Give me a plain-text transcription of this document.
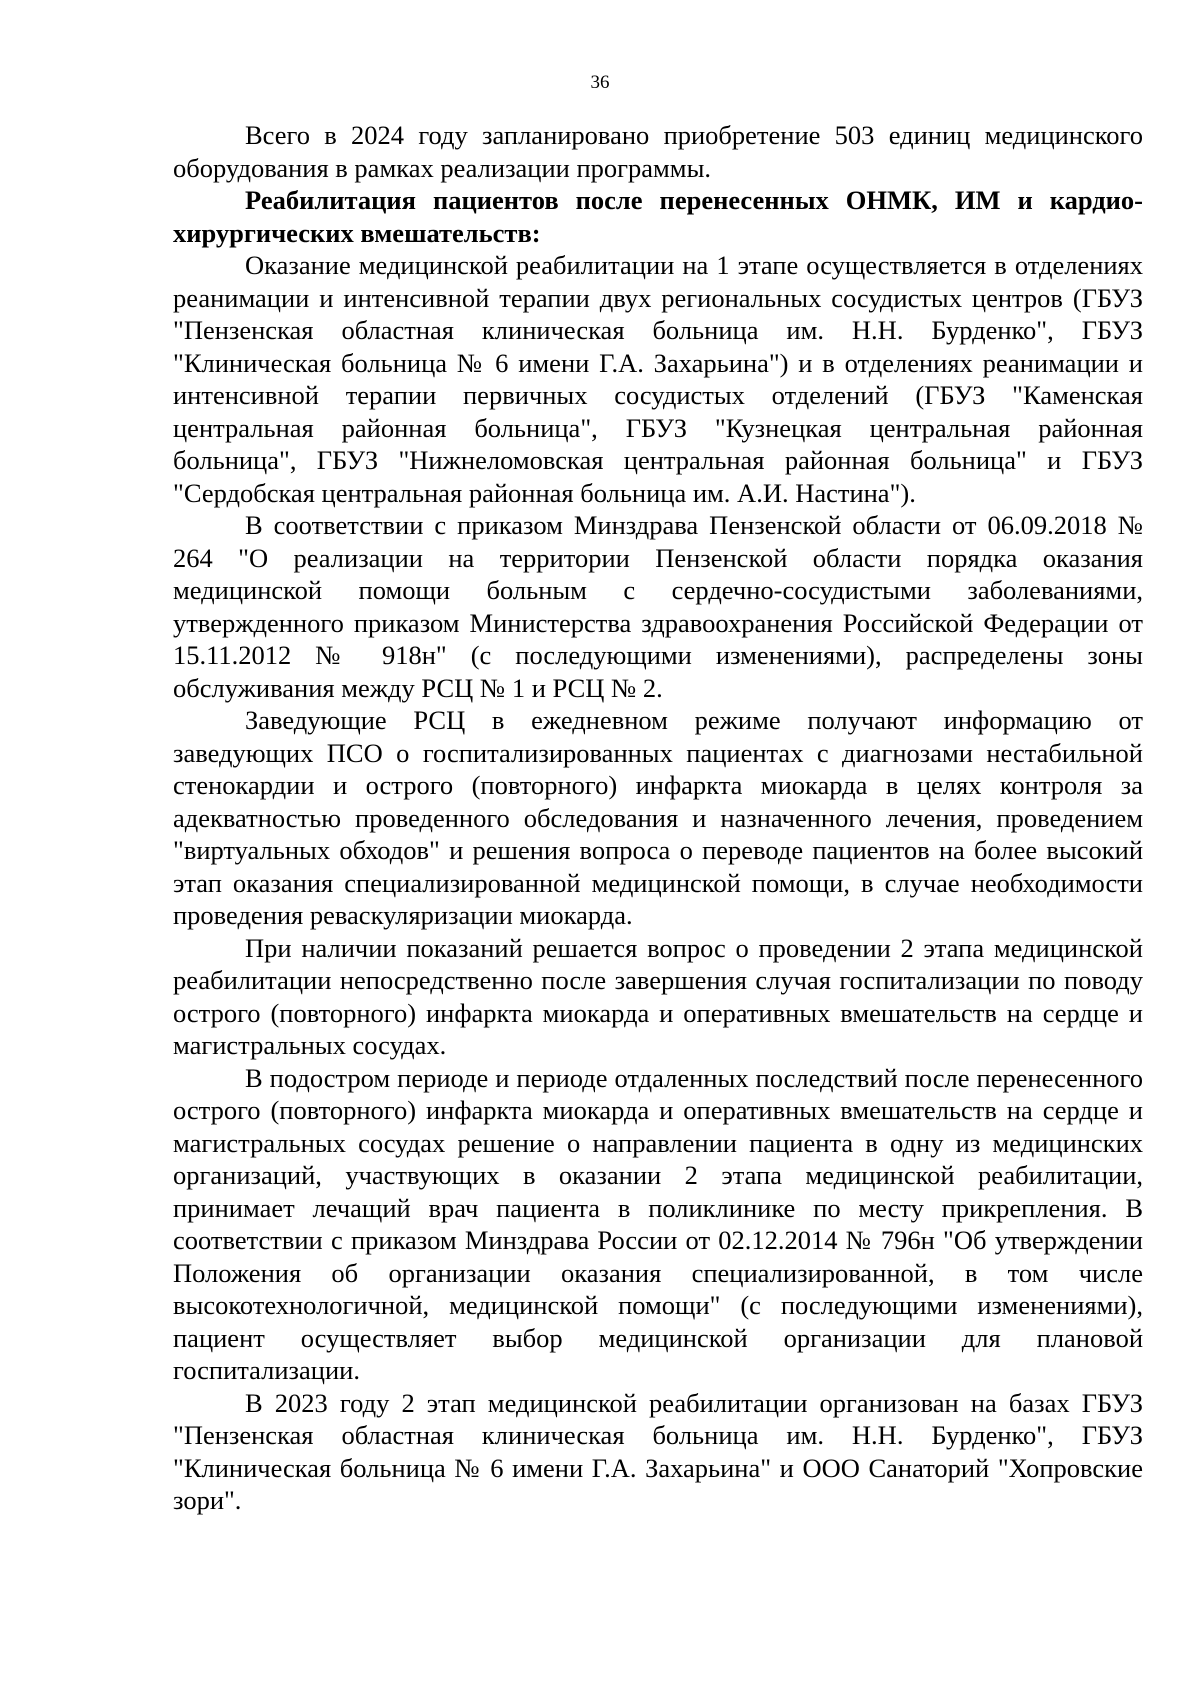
36

Всего в 2024 году запланировано приобретение 503 единиц медицинского оборудования в рамках реализации программы.

Реабилитация пациентов после перенесенных ОНМК, ИМ и кардио-хирургических вмешательств:

Оказание медицинской реабилитации на 1 этапе осуществляется в отделениях реанимации и интенсивной терапии двух региональных сосудистых центров (ГБУЗ "Пензенская областная клиническая больница им. Н.Н. Бурденко", ГБУЗ "Клиническая больница № 6 имени Г.А. Захарьина") и в отделениях реанимации и интенсивной терапии первичных сосудистых отделений (ГБУЗ "Каменская центральная районная больница", ГБУЗ "Кузнецкая центральная районная больница", ГБУЗ "Нижнеломовская центральная районная больница" и ГБУЗ "Сердобская центральная районная больница им. А.И. Настина").

В соответствии с приказом Минздрава Пензенской области от 06.09.2018 № 264 "О реализации на территории Пензенской области порядка оказания медицинской помощи больным с сердечно-сосудистыми заболеваниями, утвержденного приказом Министерства здравоохранения Российской Федерации от 15.11.2012 № 918н" (с последующими изменениями), распределены зоны обслуживания между РСЦ № 1 и РСЦ № 2.

Заведующие РСЦ в ежедневном режиме получают информацию от заведующих ПСО о госпитализированных пациентах с диагнозами нестабильной стенокардии и острого (повторного) инфаркта миокарда в целях контроля за адекватностью проведенного обследования и назначенного лечения, проведением "виртуальных обходов" и решения вопроса о переводе пациентов на более высокий этап оказания специализированной медицинской помощи, в случае необходимости проведения реваскуляризации миокарда.

При наличии показаний решается вопрос о проведении 2 этапа медицинской реабилитации непосредственно после завершения случая госпитализации по поводу острого (повторного) инфаркта миокарда и оперативных вмешательств на сердце и магистральных сосудах.

В подостром периоде и периоде отдаленных последствий после перенесенного острого (повторного) инфаркта миокарда и оперативных вмешательств на сердце и магистральных сосудах решение о направлении пациента в одну из медицинских организаций, участвующих в оказании 2 этапа медицинской реабилитации, принимает лечащий врач пациента в поликлинике по месту прикрепления. В соответствии с приказом Минздрава России от 02.12.2014 № 796н "Об утверждении Положения об организации оказания специализированной, в том числе высокотехнологичной, медицинской помощи" (с последующими изменениями), пациент осуществляет выбор медицинской организации для плановой госпитализации.

В 2023 году 2 этап медицинской реабилитации организован на базах ГБУЗ "Пензенская областная клиническая больница им. Н.Н. Бурденко", ГБУЗ "Клиническая больница № 6 имени Г.А. Захарьина" и ООО Санаторий "Хопровские зори".
